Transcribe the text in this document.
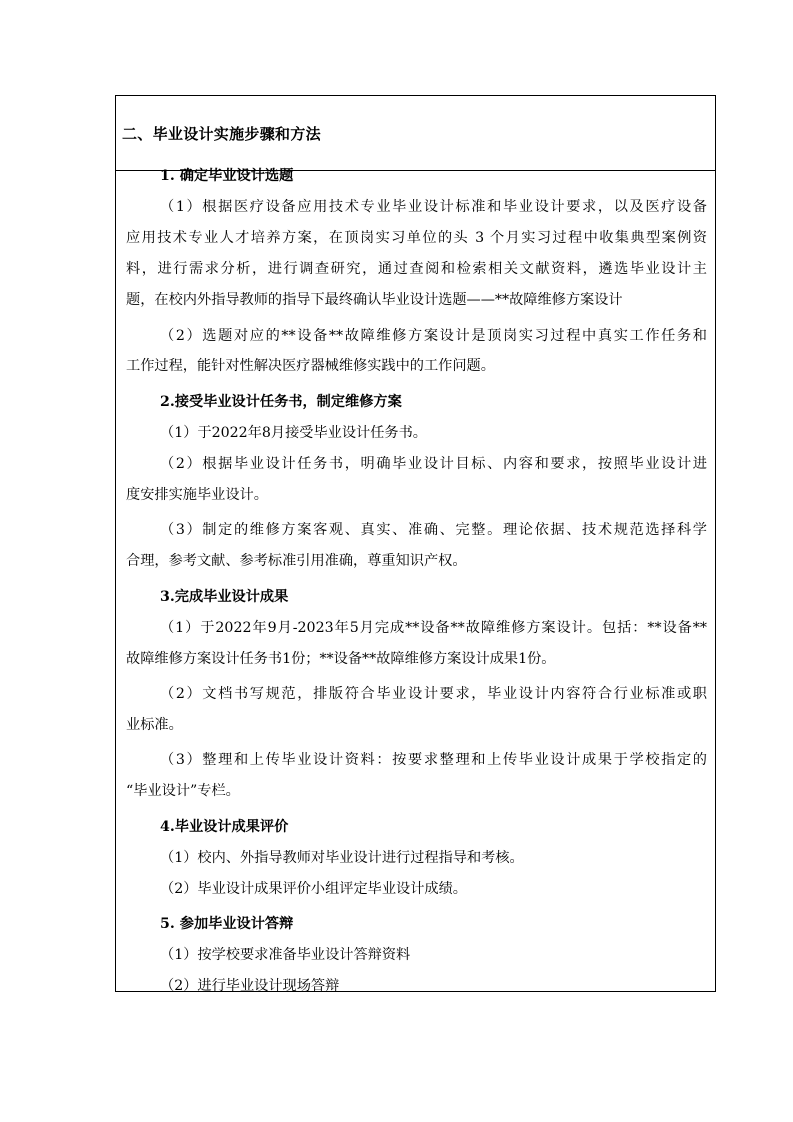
二、毕业设计实施步骤和方法
1. 确定毕业设计选题
（1）根据医疗设备应用技术专业毕业设计标准和毕业设计要求，以及医疗设备
应用技术专业人才培养方案，在顶岗实习单位的头 3 个月实习过程中收集典型案例资
料，进行需求分析，进行调查研究，通过查阅和检索相关文献资料，遴选毕业设计主
题，在校内外指导教师的指导下最终确认毕业设计选题——**故障维修方案设计
（2）选题对应的**设备**故障维修方案设计是顶岗实习过程中真实工作任务和
工作过程，能针对性解决医疗器械维修实践中的工作问题。
2.接受毕业设计任务书，制定维修方案
（1）于2022年8月接受毕业设计任务书。
（2）根据毕业设计任务书，明确毕业设计目标、内容和要求，按照毕业设计进
度安排实施毕业设计。
（3）制定的维修方案客观、真实、准确、完整。理论依据、技术规范选择科学
合理，参考文献、参考标准引用准确，尊重知识产权。
3.完成毕业设计成果
（1）于2022年9月-2023年5月完成**设备**故障维修方案设计。包括：**设备**
故障维修方案设计任务书1份；**设备**故障维修方案设计成果1份。
（2）文档书写规范，排版符合毕业设计要求，毕业设计内容符合行业标准或职
业标准。
（3）整理和上传毕业设计资料：按要求整理和上传毕业设计成果于学校指定的
“毕业设计”专栏。
4.毕业设计成果评价
（1）校内、外指导教师对毕业设计进行过程指导和考核。
（2）毕业设计成果评价小组评定毕业设计成绩。
5. 参加毕业设计答辩
（1）按学校要求准备毕业设计答辩资料
（2）进行毕业设计现场答辩
